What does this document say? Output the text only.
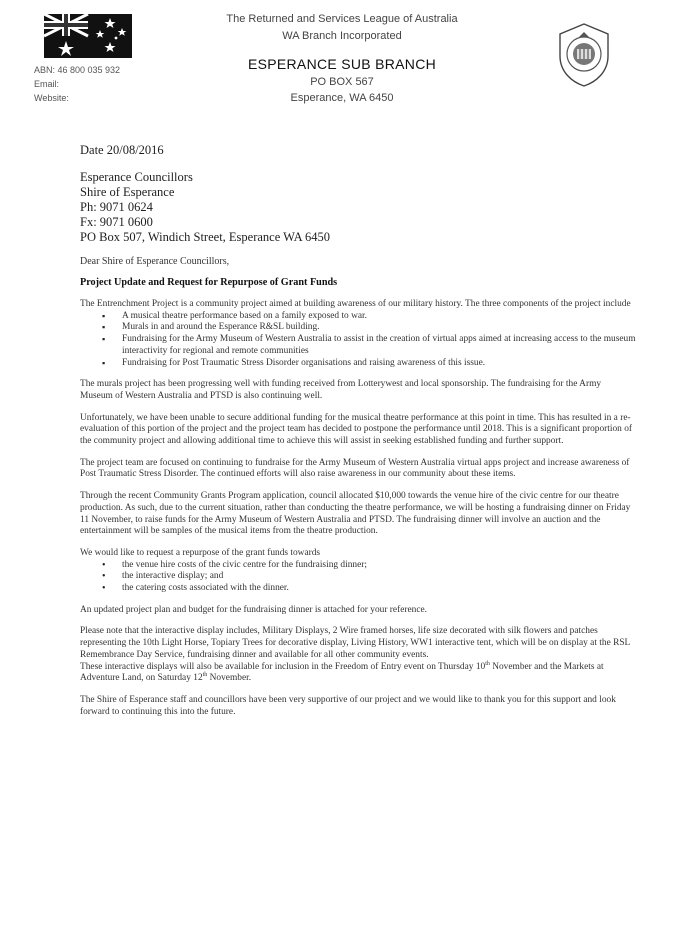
The Returned and Services League of Australia
WA Branch Incorporated
ESPERANCE SUB BRANCH
PO BOX 567
Esperance, WA 6450
ABN: 46 800 035 932
Email:
Website:
Date 20/08/2016
Esperance Councillors
Shire of Esperance
Ph: 9071 0624
Fx: 9071 0600
PO Box 507, Windich Street, Esperance WA 6450
Dear Shire of Esperance Councillors,
Project Update and Request for Repurpose of Grant Funds

The Entrenchment Project is a community project aimed at building awareness of our military history. The three components of the project include

▪ A musical theatre performance based on a family exposed to war.
▪ Murals in and around the Esperance R&SL building.
▪ Fundraising for the Army Museum of Western Australia to assist in the creation of virtual apps aimed at increasing access to the museum interactivity for regional and remote communities
▪ Fundraising for Post Traumatic Stress Disorder organisations and raising awareness of this issue.

The murals project has been progressing well with funding received from Lotterywest and local sponsorship. The fundraising for the Army Museum of Western Australia and PTSD is also continuing well.

Unfortunately, we have been unable to secure additional funding for the musical theatre performance at this point in time. This has resulted in a re-evaluation of this portion of the project and the project team has decided to postpone the performance until 2018. This is a significant proportion of the community project and allowing additional time to achieve this will assist in seeking established funding and further support.

The project team are focused on continuing to fundraise for the Army Museum of Western Australia virtual apps project and increase awareness of Post Traumatic Stress Disorder. The continued efforts will also raise awareness in our community about these items.

Through the recent Community Grants Program application, council allocated $10,000 towards the venue hire of the civic centre for our theatre production. As such, due to the current situation, rather than conducting the theatre performance, we will be hosting a fundraising dinner on Friday 11 November, to raise funds for the Army Museum of Western Australia and PTSD. The fundraising dinner will involve an auction and the entertainment will be samples of the musical items from the theatre production.

We would like to request a repurpose of the grant funds towards

• the venue hire costs of the civic centre for the fundraising dinner;
• the interactive display; and
• the catering costs associated with the dinner.

An updated project plan and budget for the fundraising dinner is attached for your reference.

Please note that the interactive display includes, Military Displays, 2 Wire framed horses, life size decorated with silk flowers and patches representing the 10th Light Horse, Topiary Trees for decorative display, Living History, WW1 interactive tent, which will be on display at the RSL Remembrance Day Service, fundraising dinner and available for all other community events.

These interactive displays will also be available for inclusion in the Freedom of Entry event on Thursday 10th November and the Markets at Adventure Land, on Saturday 12th November.

The Shire of Esperance staff and councillors have been very supportive of our project and we would like to thank you for this support and look forward to continuing this into the future.
